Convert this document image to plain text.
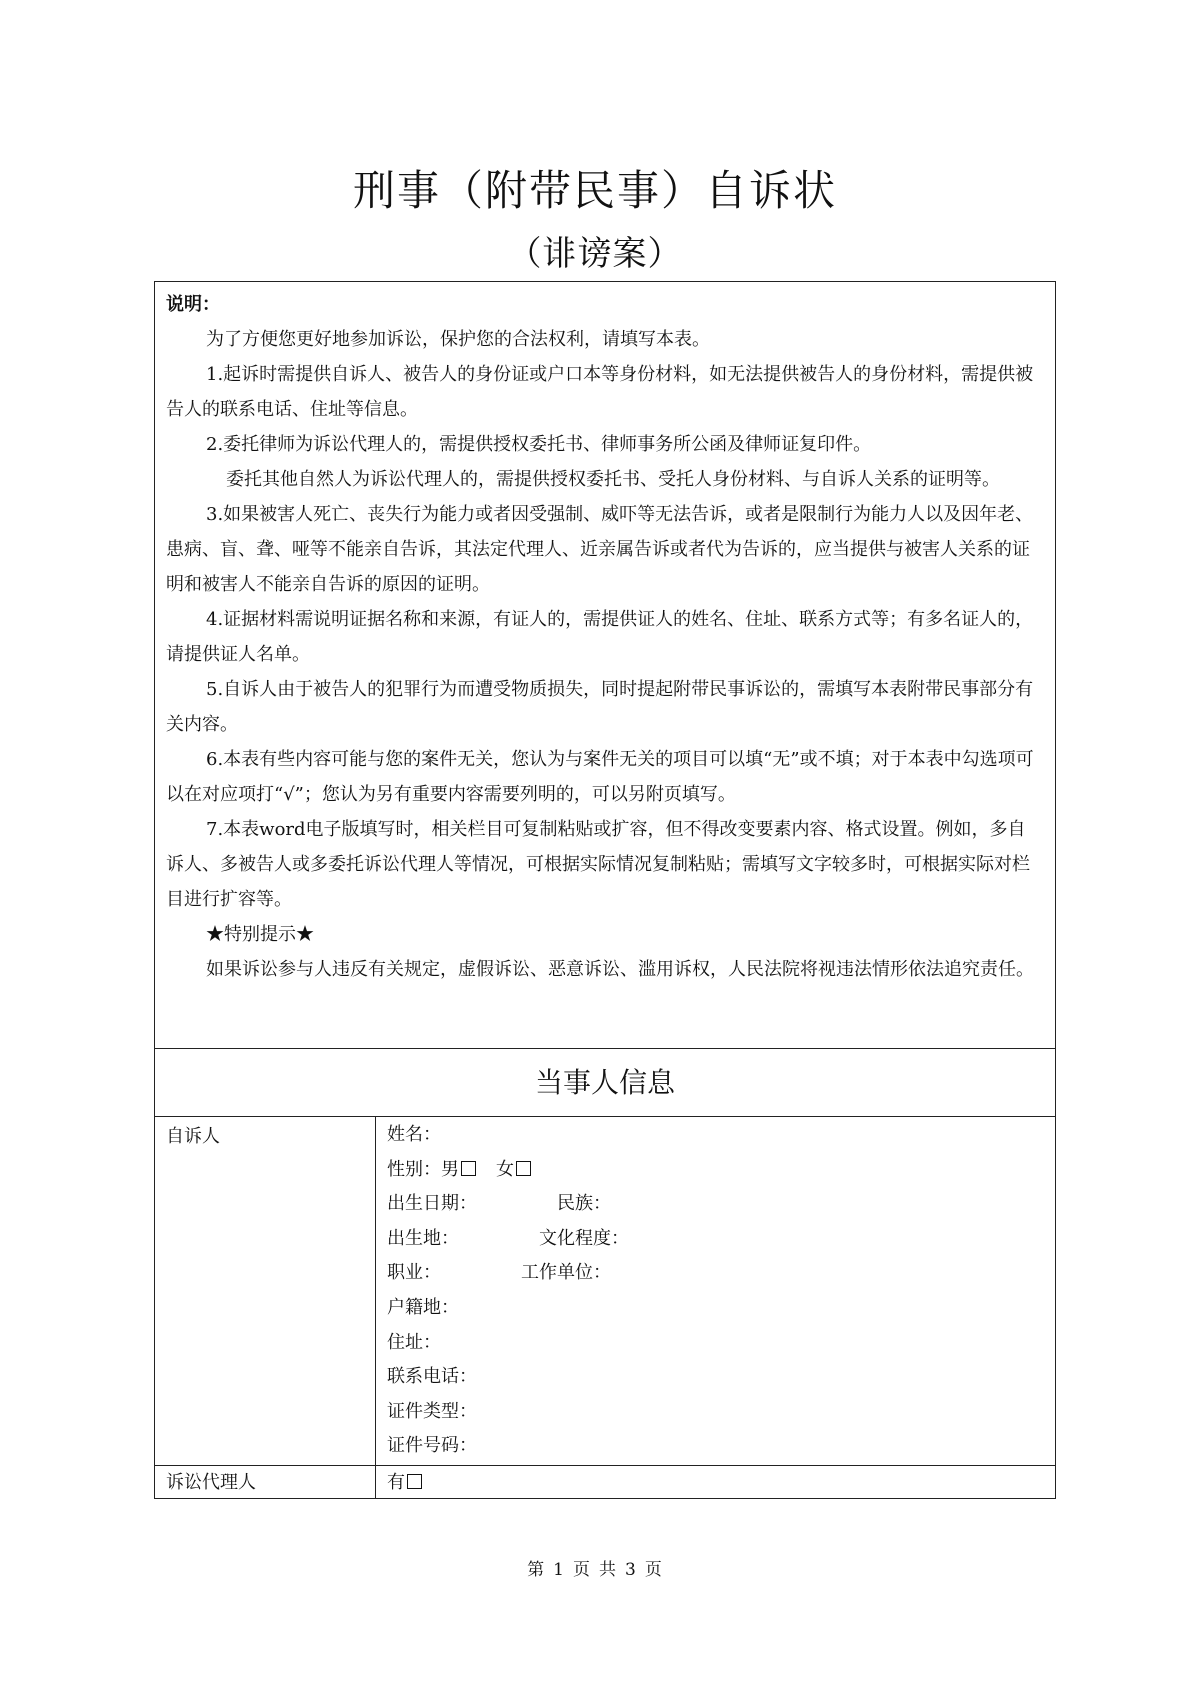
刑事（附带民事）自诉状
（诽谤案）
说明：

为了方便您更好地参加诉讼，保护您的合法权利，请填写本表。

1.起诉时需提供自诉人、被告人的身份证或户口本等身份材料，如无法提供被告人的身份材料，需提供被告人的联系电话、住址等信息。

2.委托律师为诉讼代理人的，需提供授权委托书、律师事务所公函及律师证复印件。

委托其他自然人为诉讼代理人的，需提供授权委托书、受托人身份材料、与自诉人关系的证明等。

3.如果被害人死亡、丧失行为能力或者因受强制、威吓等无法告诉，或者是限制行为能力人以及因年老、患病、盲、聋、哑等不能亲自告诉，其法定代理人、近亲属告诉或者代为告诉的，应当提供与被害人关系的证明和被害人不能亲自告诉的原因的证明。

4.证据材料需说明证据名称和来源，有证人的，需提供证人的姓名、住址、联系方式等；有多名证人的，请提供证人名单。

5.自诉人由于被告人的犯罪行为而遭受物质损失，同时提起附带民事诉讼的，需填写本表附带民事部分有关内容。

6.本表有些内容可能与您的案件无关，您认为与案件无关的项目可以填“无”或不填；对于本表中勾选项可以在对应项打“√”；您认为另有重要内容需要列明的，可以另附页填写。

7.本表word电子版填写时，相关栏目可复制粘贴或扩容，但不得改变要素内容、格式设置。例如，多自诉人、多被告人或多委托诉讼代理人等情况，可根据实际情况复制粘贴；需填写文字较多时，可根据实际对栏目进行扩容等。

★特别提示★

如果诉讼参与人违反有关规定，虚假诉讼、恶意诉讼、滥用诉权，人民法院将视违法情形依法追究责任。

当事人信息
自诉人	姓名：
性别：男 女
出生日期：	民族：
出生地：	文化程度：
职业：	工作单位：
户籍地：
住址：
联系电话：
证件类型：
证件号码：
诉讼代理人	有
第 1 页 共 3 页
